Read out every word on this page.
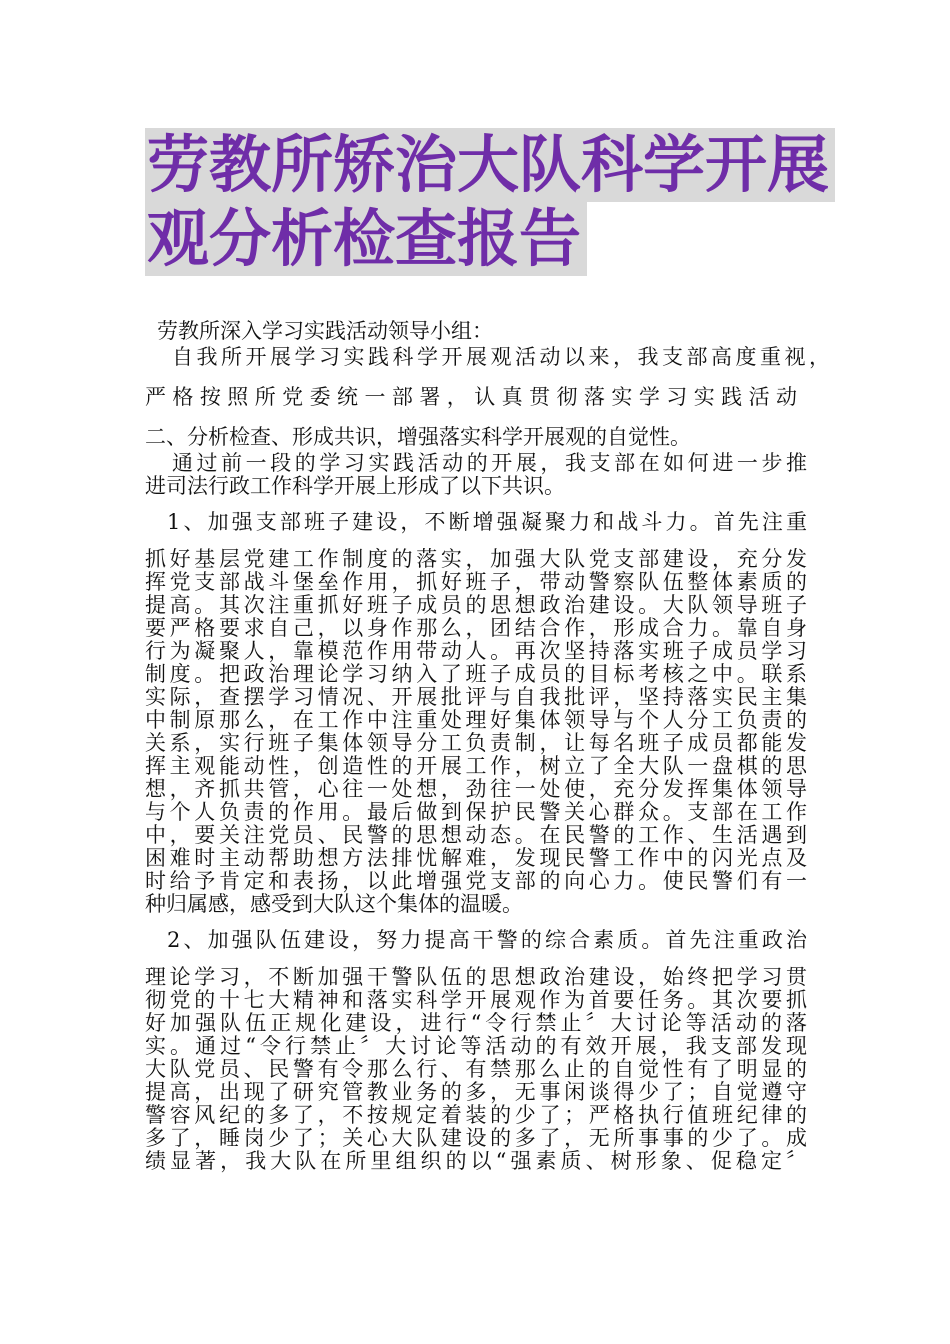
劳教所矫治大队科学开展
观分析检查报告

劳教所深入学习实践活动领导小组：

自我所开展学习实践科学开展观活动以来，我支部高度重视，

严格按照所党委统一部署，认真贯彻落实学习实践活动

二、分析检查、形成共识，增强落实科学开展观的自觉性。

通过前一段的学习实践活动的开展，我支部在如何进一步推

进司法行政工作科学开展上形成了以下共识。

1、加强支部班子建设，不断增强凝聚力和战斗力。首先注重

抓好基层党建工作制度的落实，加强大队党支部建设，充分发

挥党支部战斗堡垒作用，抓好班子，带动警察队伍整体素质的

提高。其次注重抓好班子成员的思想政治建设。大队领导班子

要严格要求自己，以身作那么，团结合作，形成合力。靠自身

行为凝聚人，靠模范作用带动人。再次坚持落实班子成员学习

制度。把政治理论学习纳入了班子成员的目标考核之中。联系

实际，查摆学习情况、开展批评与自我批评，坚持落实民主集

中制原那么，在工作中注重处理好集体领导与个人分工负责的

关系，实行班子集体领导分工负责制，让每名班子成员都能发

挥主观能动性，创造性的开展工作，树立了全大队一盘棋的思

想，齐抓共管，心往一处想，劲往一处使，充分发挥集体领导

与个人负责的作用。最后做到保护民警关心群众。支部在工作

中，要关注党员、民警的思想动态。在民警的工作、生活遇到

困难时主动帮助想方法排忧解难，发现民警工作中的闪光点及

时给予肯定和表扬，以此增强党支部的向心力。使民警们有一

种归属感，感受到大队这个集体的温暖。

2、加强队伍建设，努力提高干警的综合素质。首先注重政治

理论学习，不断加强干警队伍的思想政治建设，始终把学习贯

彻党的十七大精神和落实科学开展观作为首要任务。其次要抓

好加强队伍正规化建设，进行“令行禁止〞大讨论等活动的落

实。通过“令行禁止〞大讨论等活动的有效开展，我支部发现

大队党员、民警有令那么行、有禁那么止的自觉性有了明显的

提高，出现了研究管教业务的多，无事闲谈得少了；自觉遵守

警容风纪的多了，不按规定着装的少了；严格执行值班纪律的

多了，睡岗少了；关心大队建设的多了，无所事事的少了。成

绩显著，我大队在所里组织的以“强素质、树形象、促稳定〞
